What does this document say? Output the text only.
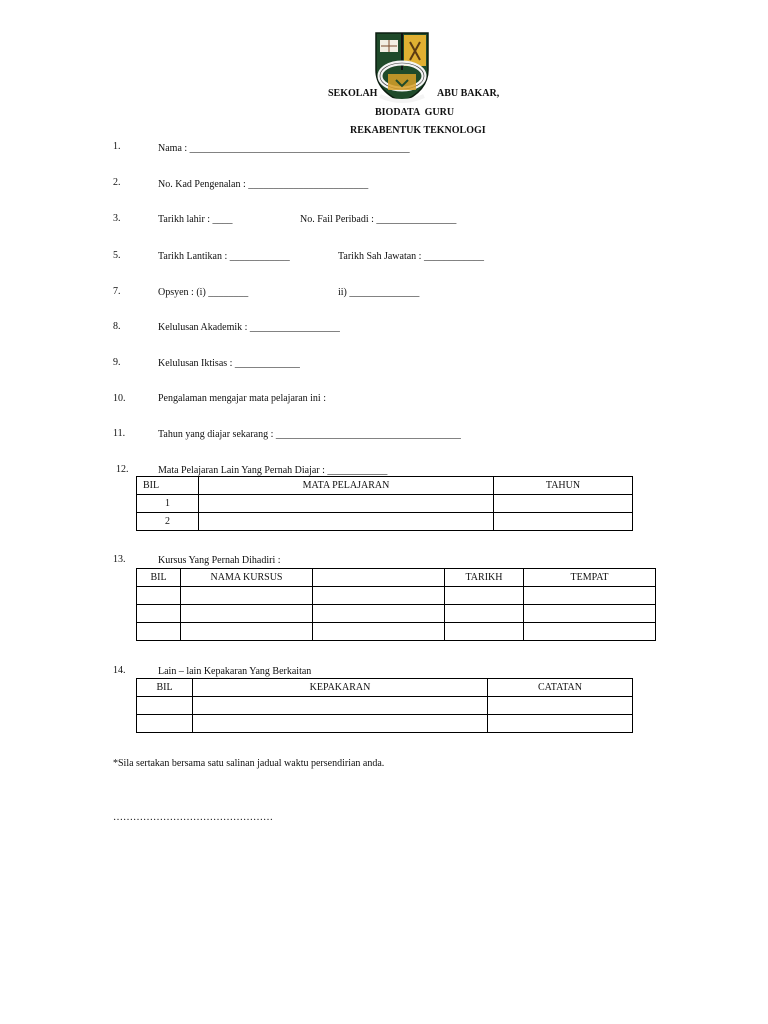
SEKOLAH	ABU BAKAR,
BIODATA  GURU
REKABENTUK TEKNOLOGI
1.	Nama : ____________________________________________
2.	No. Kad Pengenalan : ________________________
3.	Tarikh lahir : ____	No. Fail Peribadi : ________________
5.	Tarikh Lantikan : ____________	Tarikh Sah Jawatan : ____________
7.	Opsyen : (i) ________	ii) ______________
8.	Kelulusan Akademik : __________________
9.	Kelulusan Iktisas : _____________
10.	Pengalaman mengajar mata pelajaran ini :
11.	Tahun yang diajar sekarang : _____________________________________
12.	Mata Pelajaran Lain Yang Pernah Diajar : ____________
BIL	MATA PELAJARAN	TAHUN
1		
2		
13.	Kursus Yang Pernah Dihadiri :
BIL	NAMA KURSUS		TARIKH	TEMPAT

14.	Lain – lain Kepakaran Yang Berkaitan
BIL	KEPAKARAN	CATATAN

*Sila sertakan bersama satu salinan jadual waktu persendirian anda.
…………………………………………
